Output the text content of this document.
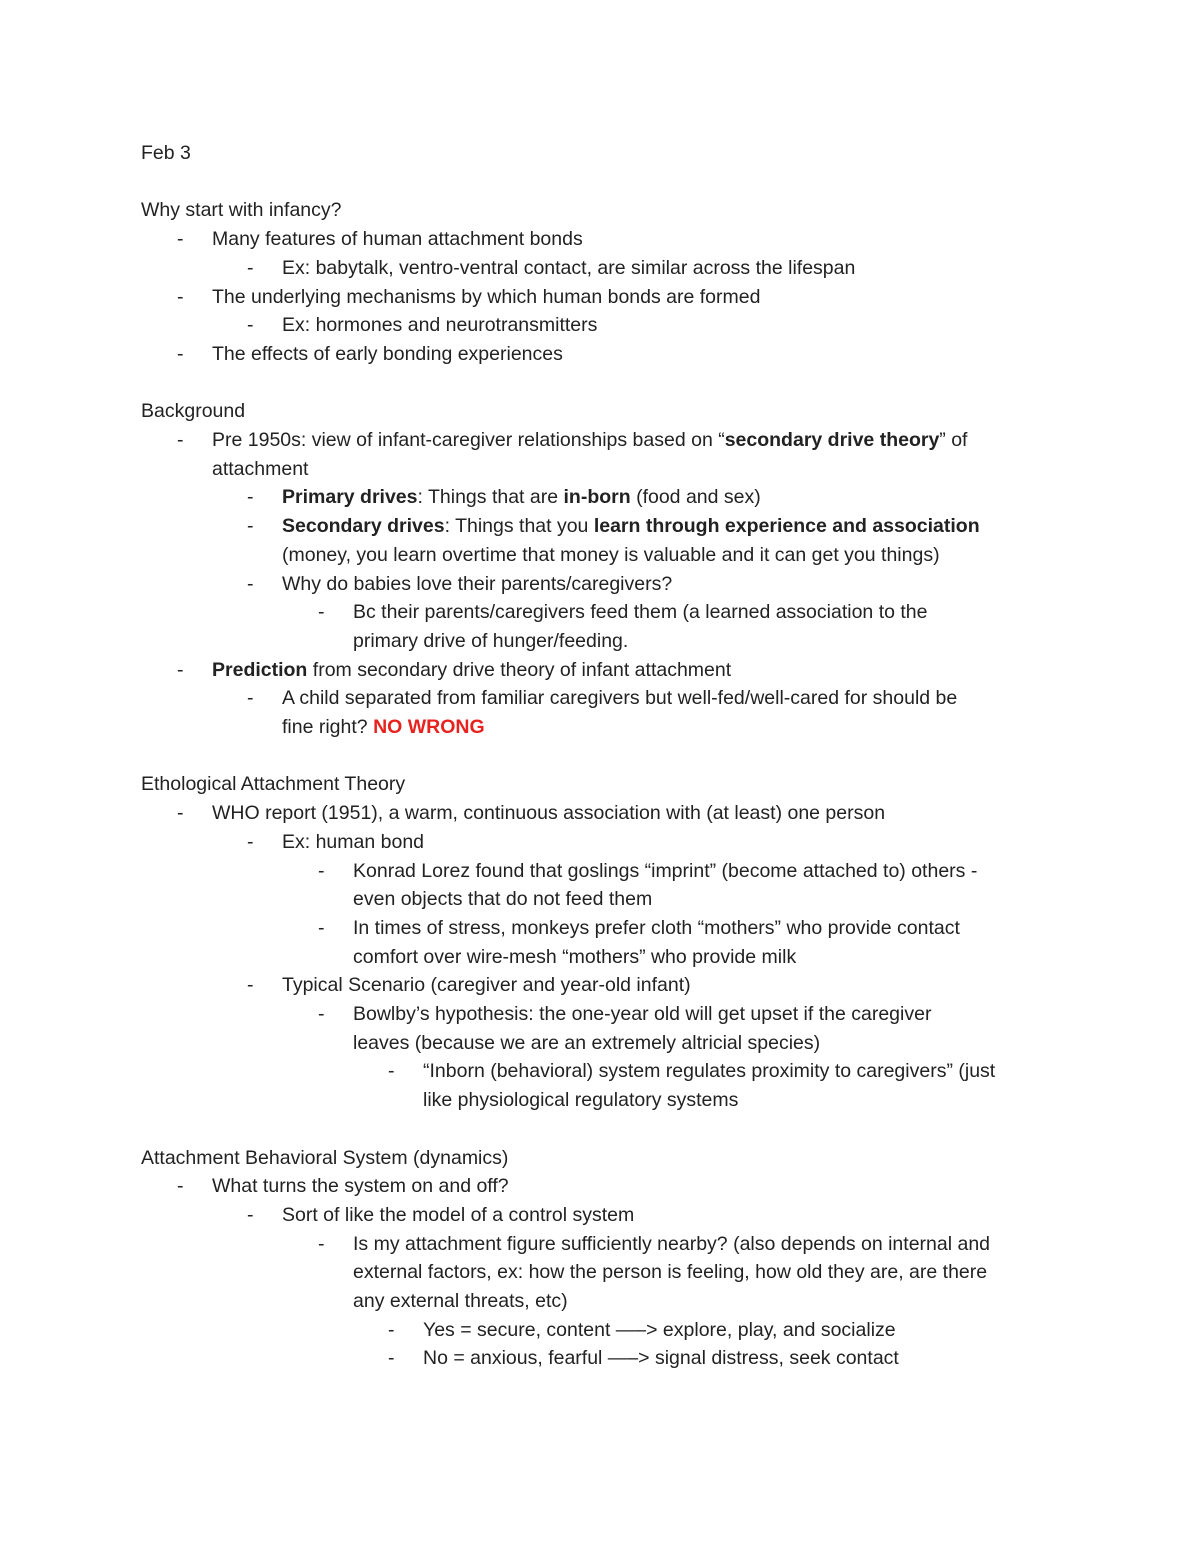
Feb 3

Why start with infancy?

- Many features of human attachment bonds
- Ex: babytalk, ventro-ventral contact, are similar across the lifespan
- The underlying mechanisms by which human bonds are formed
- Ex: hormones and neurotransmitters
- The effects of early bonding experiences

Background

- Pre 1950s: view of infant-caregiver relationships based on “secondary drive theory” of
attachment
- Primary drives: Things that are in-born (food and sex)
- Secondary drives: Things that you learn through experience and association
(money, you learn overtime that money is valuable and it can get you things)
- Why do babies love their parents/caregivers?
- Bc their parents/caregivers feed them (a learned association to the
primary drive of hunger/feeding.
- Prediction from secondary drive theory of infant attachment
- A child separated from familiar caregivers but well-fed/well-cared for should be
fine right? NO WRONG

Ethological Attachment Theory

- WHO report (1951), a warm, continuous association with (at least) one person
- Ex: human bond
- Konrad Lorez found that goslings “imprint” (become attached to) others -
even objects that do not feed them
- In times of stress, monkeys prefer cloth “mothers” who provide contact
comfort over wire-mesh “mothers” who provide milk
- Typical Scenario (caregiver and year-old infant)
- Bowlby’s hypothesis: the one-year old will get upset if the caregiver
leaves (because we are an extremely altricial species)
- “Inborn (behavioral) system regulates proximity to caregivers” (just
like physiological regulatory systems

Attachment Behavioral System (dynamics)

- What turns the system on and off?
- Sort of like the model of a control system
- Is my attachment figure sufficiently nearby? (also depends on internal and
external factors, ex: how the person is feeling, how old they are, are there
any external threats, etc)
- Yes = secure, content —–> explore, play, and socialize
- No = anxious, fearful —–> signal distress, seek contact
